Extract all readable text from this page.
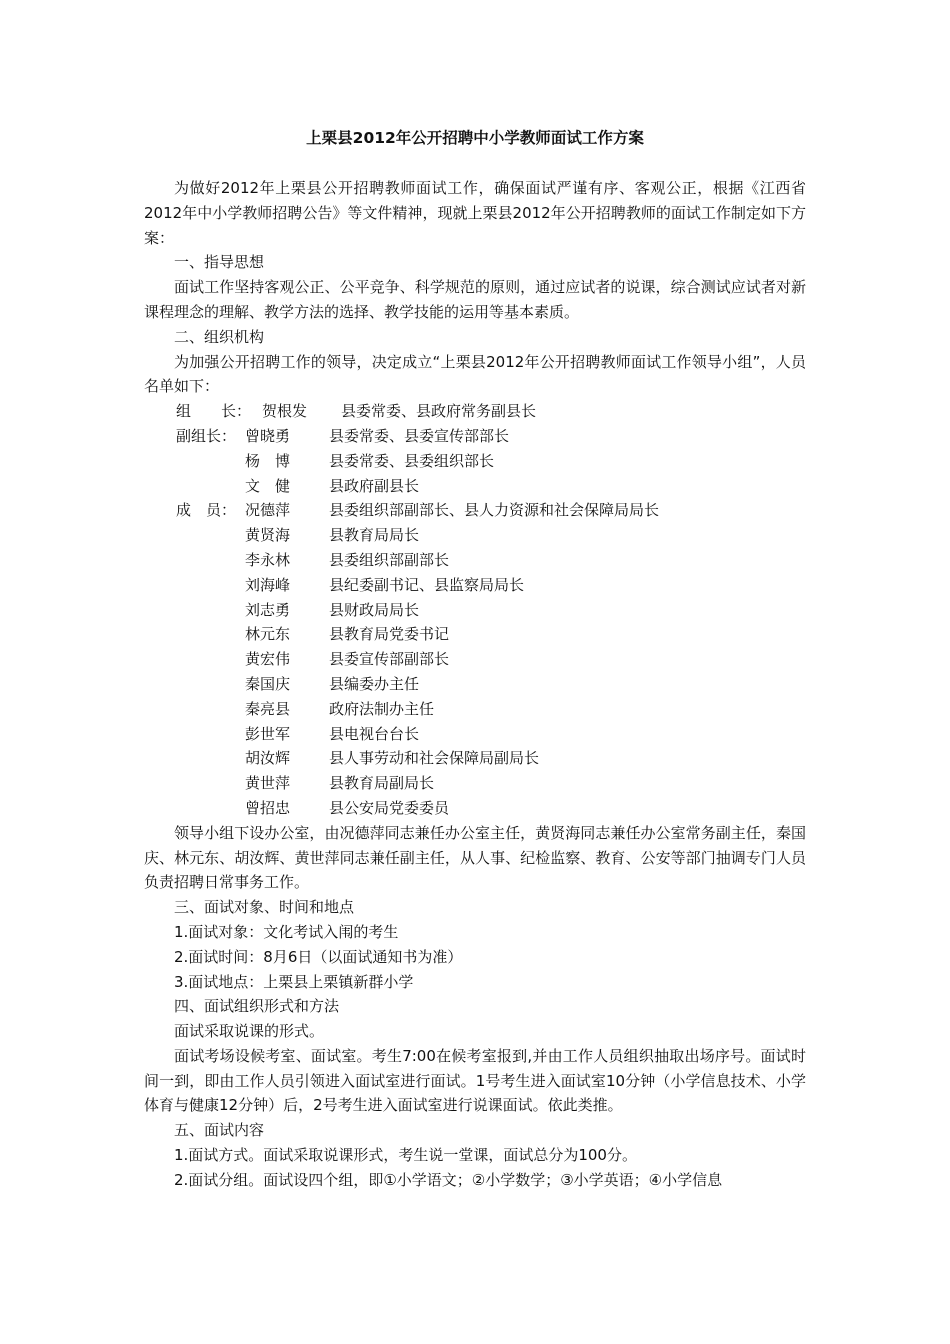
上栗县2012年公开招聘中小学教师面试工作方案

为做好2012年上栗县公开招聘教师面试工作，确保面试严谨有序、客观公正，根据《江西省2012年中小学教师招聘公告》等文件精神，现就上栗县2012年公开招聘教师的面试工作制定如下方案：

一、指导思想

面试工作坚持客观公正、公平竞争、科学规范的原则，通过应试者的说课，综合测试应试者对新课程理念的理解、教学方法的选择、教学技能的运用等基本素质。

二、组织机构

为加强公开招聘工作的领导，决定成立“上栗县2012年公开招聘教师面试工作领导小组”，人员名单如下：

组　　长： 贺根发 县委常委、县政府常务副县长
副组长： 曾晓勇	县委常委、县委宣传部部长
杨　博	县委常委、县委组织部长
文　健	县政府副县长
成　员： 况德萍	县委组织部副部长、县人力资源和社会保障局局长
黄贤海	县教育局局长
李永林	县委组织部副部长
刘海峰	县纪委副书记、县监察局局长
刘志勇	县财政局局长
林元东	县教育局党委书记
黄宏伟	县委宣传部副部长
秦国庆	县编委办主任
秦亮县	政府法制办主任
彭世军	县电视台台长
胡汝辉	县人事劳动和社会保障局副局长
黄世萍	县教育局副局长
曾招忠	县公安局党委委员

领导小组下设办公室，由况德萍同志兼任办公室主任，黄贤海同志兼任办公室常务副主任，秦国庆、林元东、胡汝辉、黄世萍同志兼任副主任，从人事、纪检监察、教育、公安等部门抽调专门人员负责招聘日常事务工作。

三、面试对象、时间和地点

1.面试对象：文化考试入闱的考生

2.面试时间：8月6日（以面试通知书为准）

3.面试地点：上栗县上栗镇新群小学

四、面试组织形式和方法

面试采取说课的形式。

面试考场设候考室、面试室。考生7:00在候考室报到,并由工作人员组织抽取出场序号。面试时间一到，即由工作人员引领进入面试室进行面试。1号考生进入面试室10分钟（小学信息技术、小学体育与健康12分钟）后，2号考生进入面试室进行说课面试。依此类推。

五、面试内容

1.面试方式。面试采取说课形式，考生说一堂课，面试总分为100分。

2.面试分组。面试设四个组，即①小学语文；②小学数学；③小学英语；④小学信息
